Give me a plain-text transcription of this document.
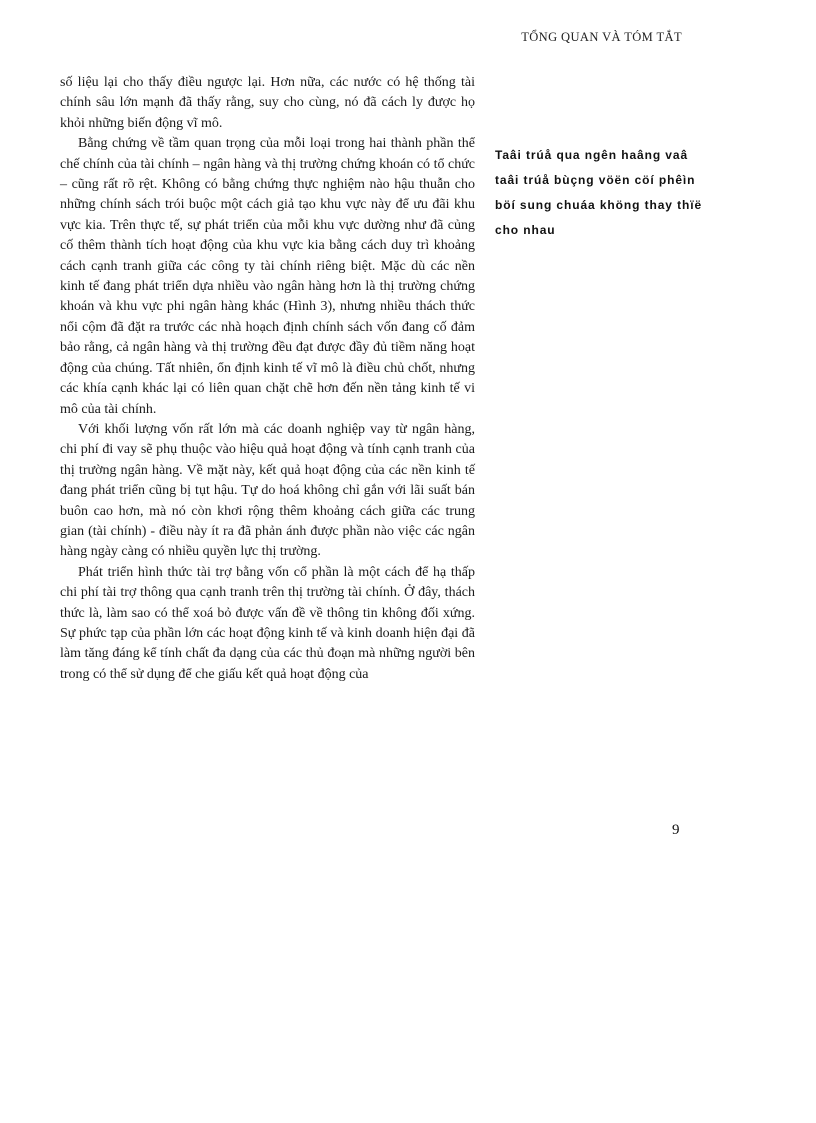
TỔNG QUAN VÀ TÓM TẮT

số liệu lại cho thấy điều ngược lại. Hơn nữa, các nước có hệ thống tài chính sâu lớn mạnh đã thấy rằng, suy cho cùng, nó đã cách ly được họ khỏi những biến động vĩ mô.

Bằng chứng về tầm quan trọng của mỗi loại trong hai thành phần thể chế chính của tài chính – ngân hàng và thị trường chứng khoán có tổ chức – cũng rất rõ rệt. Không có bằng chứng thực nghiệm nào hậu thuẫn cho những chính sách trói buộc một cách giả tạo khu vực này để ưu đãi khu vực kia. Trên thực tế, sự phát triển của mỗi khu vực dường như đã củng cố thêm thành tích hoạt động của khu vực kia bằng cách duy trì khoảng cách cạnh tranh giữa các công ty tài chính riêng biệt. Mặc dù các nền kinh tế đang phát triển dựa nhiều vào ngân hàng hơn là thị trường chứng khoán và khu vực phi ngân hàng khác (Hình 3), nhưng nhiều thách thức nổi cộm đã đặt ra trước các nhà hoạch định chính sách vốn đang cố đảm bảo rằng, cả ngân hàng và thị trường đều đạt được đầy đủ tiềm năng hoạt động của chúng. Tất nhiên, ổn định kinh tế vĩ mô là điều chủ chốt, nhưng các khía cạnh khác lại có liên quan chặt chẽ hơn đến nền tảng kinh tế vi mô của tài chính.

Với khối lượng vốn rất lớn mà các doanh nghiệp vay từ ngân hàng, chi phí đi vay sẽ phụ thuộc vào hiệu quả hoạt động và tính cạnh tranh của thị trường ngân hàng. Về mặt này, kết quả hoạt động của các nền kinh tế đang phát triển cũng bị tụt hậu. Tự do hoá không chỉ gắn với lãi suất bán buôn cao hơn, mà nó còn khơi rộng thêm khoảng cách giữa các trung gian (tài chính) - điều này ít ra đã phản ánh được phần nào việc các ngân hàng ngày càng có nhiều quyền lực thị trường.

Phát triển hình thức tài trợ bằng vốn cổ phần là một cách để hạ thấp chi phí tài trợ thông qua cạnh tranh trên thị trường tài chính. Ở đây, thách thức là, làm sao có thể xoá bỏ được vấn đề về thông tin không đối xứng. Sự phức tạp của phần lớn các hoạt động kinh tế và kinh doanh hiện đại đã làm tăng đáng kể tính chất đa dạng của các thủ đoạn mà những người bên trong có thể sử dụng để che giấu kết quả hoạt động của

Taâi trúå qua ngên haâng vaâ taâi trúå bùçng vöën cöí phêìn böí sung chuáa khöng thay thïë cho nhau
9
